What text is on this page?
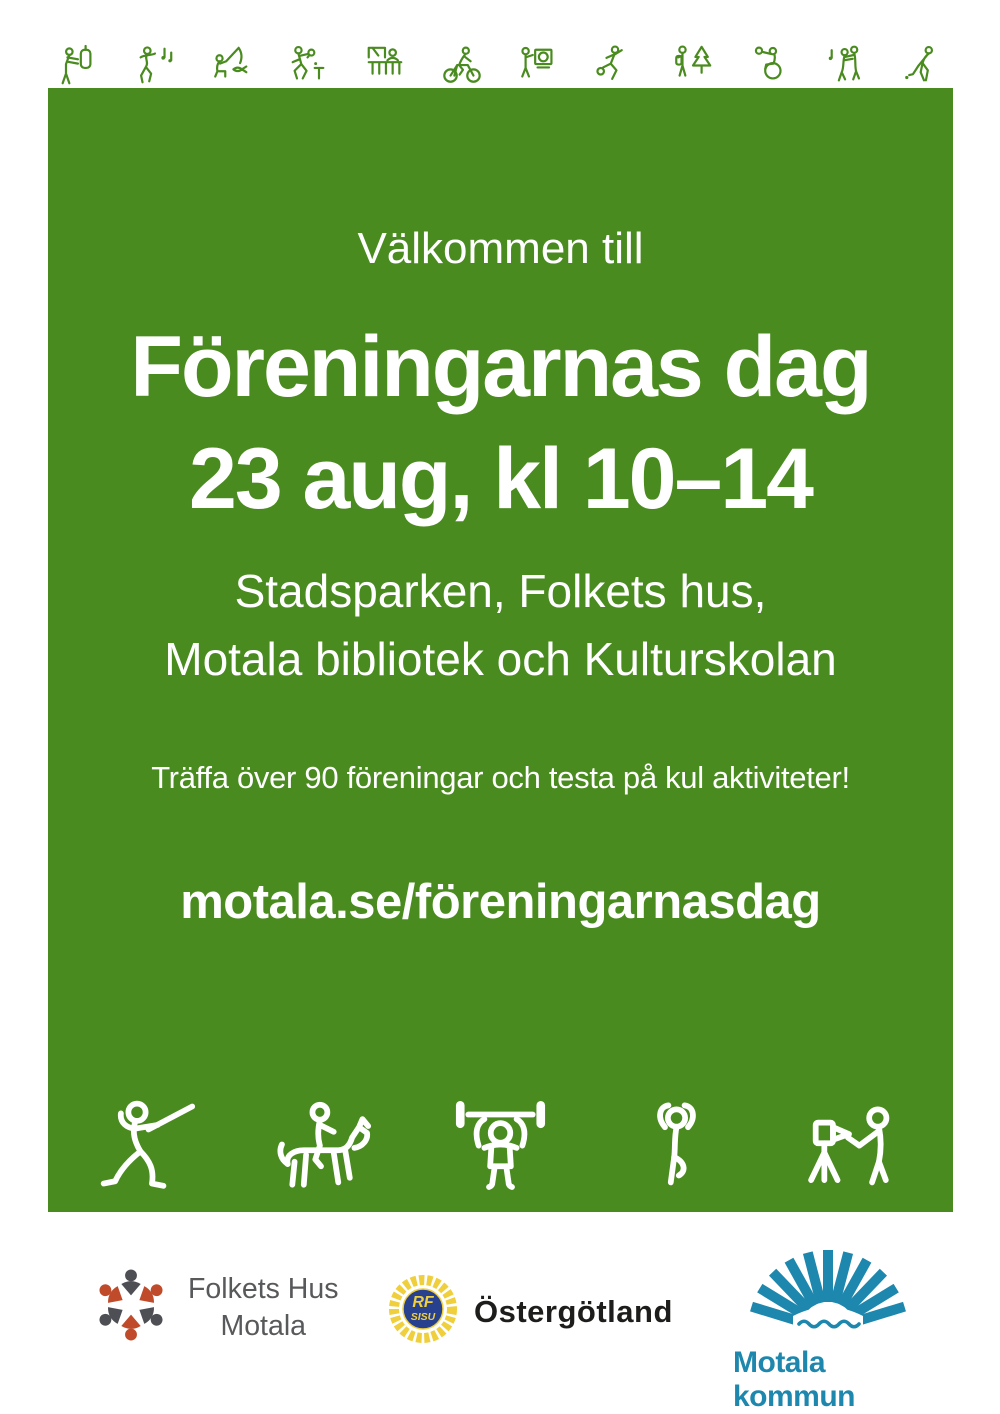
Välkommen till
Föreningarnas dag
23 aug, kl 10–14
Stadsparken, Folkets hus,
Motala bibliotek och Kulturskolan
Träffa över 90 föreningar och testa på kul aktiviteter!
motala.se/föreningarnasdag
Folkets Hus
Motala
RF
SISU Östergötland
Motala kommun
